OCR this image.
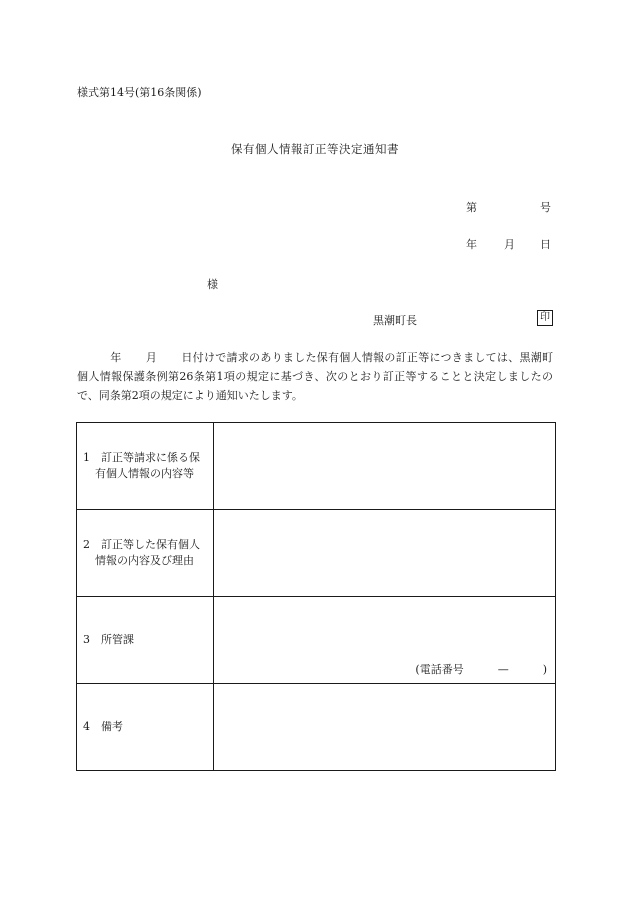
様式第14号(第16条関係)
保有個人情報訂正等決定通知書
第	号
年 月 日
様
黒潮町長	印
年 月 日付けで請求のありました保有個人情報の訂正等につきましては、黒潮町個人情報保護条例第26条第1項の規定に基づき、次のとおり訂正等することと決定しましたので、同条第2項の規定により通知いたします。
1 訂正等請求に係る保有個人情報の内容等	

2 訂正等した保有個人情報の内容及び理由	

3 所管課	(電話番号 — )

4 備考	
